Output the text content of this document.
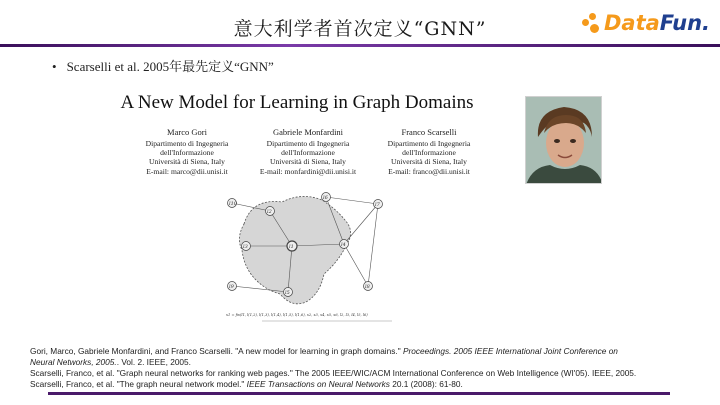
意大利学者首次定义“GNN”	Data Fun.
• Scarselli et al. 2005年最先定义“GNN”
A New Model for Learning in Graph Domains
Marco Gori
Dipartimento di Ingegneria
dell'Informazione
Università di Siena, Italy
E-mail: marco@dii.unisi.it
Gabriele Monfardini
Dipartimento di Ingegneria
dell'Informazione
Università di Siena, Italy
E-mail: monfardini@dii.unisi.it
Franco Scarselli
Dipartimento di Ingegneria
dell'Informazione
Università di Siena, Italy
E-mail: franco@dii.unisi.it
l10
l1
l2
l3	l4
l5
l6
l7
l8
l9
x1 = fw(l1, l(1,2), l(1,3), l(1,4), l(1,5), l(1,6), x2, x3, x4, x5, x6, l2, l3, l4, l5, l6)
Gori, Marco, Gabriele Monfardini, and Franco Scarselli. "A new model for learning in graph domains." Proceedings. 2005 IEEE International Joint Conference on
Neural Networks, 2005.. Vol. 2. IEEE, 2005.
Scarselli, Franco, et al. "Graph neural networks for ranking web pages." The 2005 IEEE/WIC/ACM International Conference on Web Intelligence (WI'05). IEEE, 2005.
Scarselli, Franco, et al. "The graph neural network model." IEEE Transactions on Neural Networks 20.1 (2008): 61-80.
